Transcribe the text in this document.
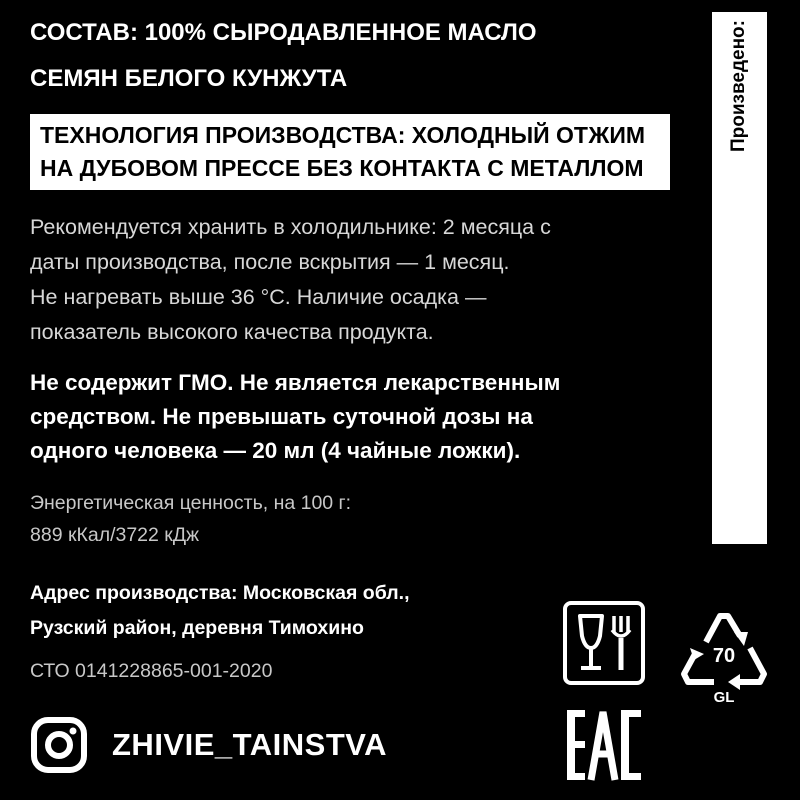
СОСТАВ: 100% СЫРОДАВЛЕННОЕ МАСЛО
СЕМЯН БЕЛОГО КУНЖУТА
ТЕХНОЛОГИЯ ПРОИЗВОДСТВА: ХОЛОДНЫЙ ОТЖИМ
НА ДУБОВОМ ПРЕССЕ БЕЗ КОНТАКТА С МЕТАЛЛОМ
Рекомендуется хранить в холодильнике: 2 месяца с
даты производства, после вскрытия — 1 месяц.
Не нагревать выше 36 °С. Наличие осадка —
показатель высокого качества продукта.
Не содержит ГМО. Не является лекарственным
средством. Не превышать суточной дозы на
одного человека — 20 мл (4 чайные ложки).
Энергетическая ценность, на 100 г:
889 кКал/3722 кДж
Адрес производства: Московская обл.,
Рузский район, деревня Тимохино
СТО 0141228865-001-2020
ZHIVIE_TAINSTVA
Произведено:
70
GL
